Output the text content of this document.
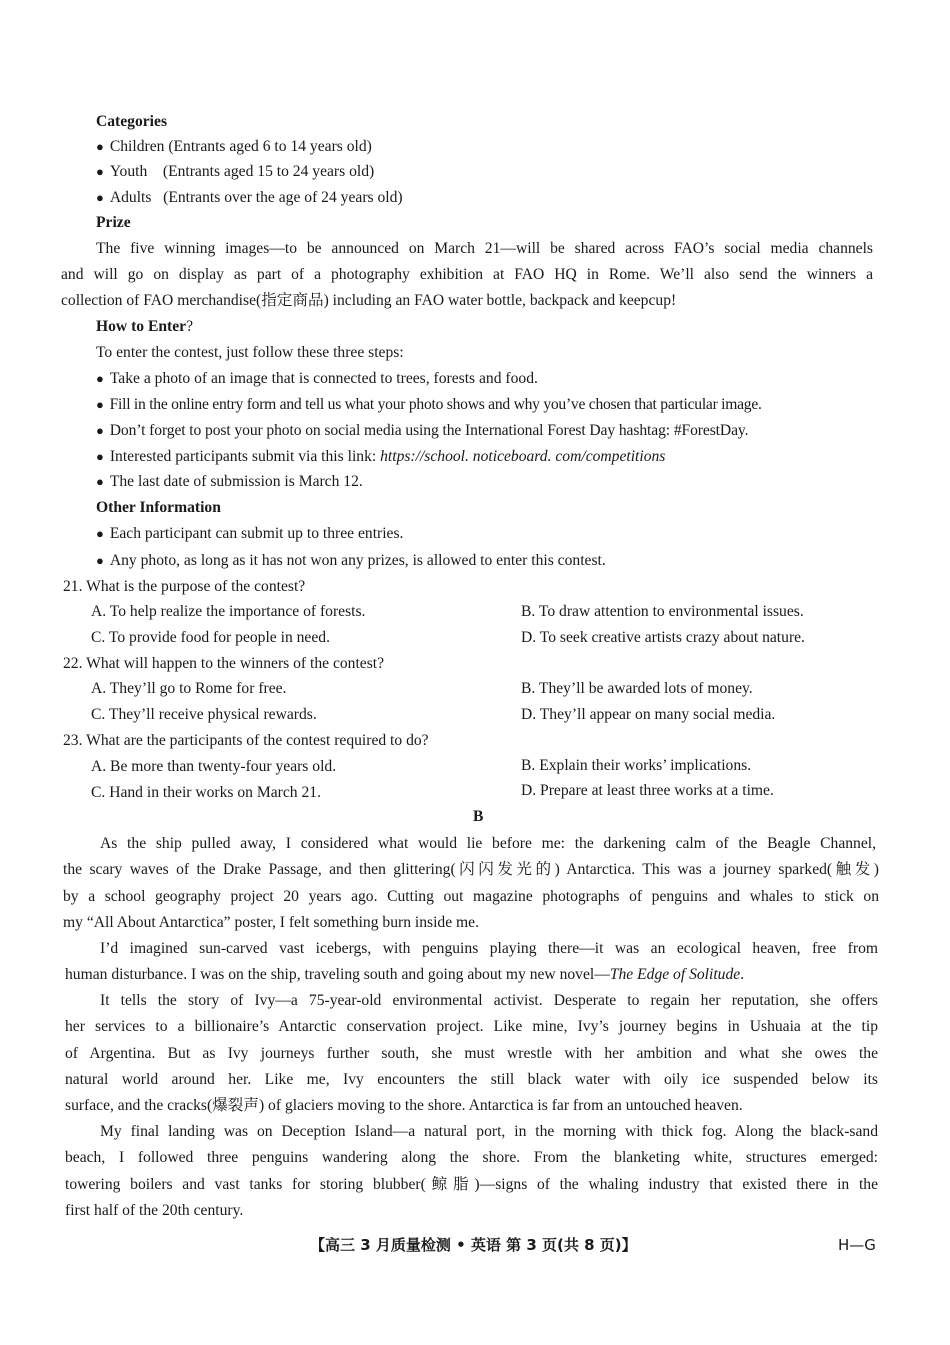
Categories
● Children (Entrants aged 6 to 14 years old)
● Youth    (Entrants aged 15 to 24 years old)
● Adults   (Entrants over the age of 24 years old)
Prize
The five winning images—to be announced on March 21—will be shared across FAO’s social media channels
and will go on display as part of a photography exhibition at FAO HQ in Rome. We’ll also send the winners a
collection of FAO merchandise(指定商品) including an FAO water bottle, backpack and keepcup!
How to Enter?
To enter the contest, just follow these three steps:
● Take a photo of an image that is connected to trees, forests and food.
● Fill in the online entry form and tell us what your photo shows and why you’ve chosen that particular image.
● Don’t forget to post your photo on social media using the International Forest Day hashtag: #ForestDay.
● Interested participants submit via this link: https://school. noticeboard. com/competitions
● The last date of submission is March 12.
Other Information
● Each participant can submit up to three entries.
● Any photo, as long as it has not won any prizes, is allowed to enter this contest.
21. What is the purpose of the contest?
A. To help realize the importance of forests.	B. To draw attention to environmental issues.
C. To provide food for people in need.	D. To seek creative artists crazy about nature.
22. What will happen to the winners of the contest?
A. They’ll go to Rome for free.	B. They’ll be awarded lots of money.
C. They’ll receive physical rewards.	D. They’ll appear on many social media.
23. What are the participants of the contest required to do?
A. Be more than twenty-four years old.	B. Explain their works’ implications.
C. Hand in their works on March 21.	D. Prepare at least three works at a time.
B
As the ship pulled away, I considered what would lie before me: the darkening calm of the Beagle Channel,
the scary waves of the Drake Passage, and then glittering(闪闪发光的) Antarctica. This was a journey sparked(触发)
by a school geography project 20 years ago. Cutting out magazine photographs of penguins and whales to stick on
my “All About Antarctica” poster, I felt something burn inside me.
I’d imagined sun-carved vast icebergs, with penguins playing there—it was an ecological heaven, free from
human disturbance. I was on the ship, traveling south and going about my new novel—The Edge of Solitude.
It tells the story of Ivy—a 75-year-old environmental activist. Desperate to regain her reputation, she offers
her services to a billionaire’s Antarctic conservation project. Like mine, Ivy’s journey begins in Ushuaia at the tip
of Argentina. But as Ivy journeys further south, she must wrestle with her ambition and what she owes the
natural world around her. Like me, Ivy encounters the still black water with oily ice suspended below its
surface, and the cracks(爆裂声) of glaciers moving to the shore. Antarctica is far from an untouched heaven.
My final landing was on Deception Island—a natural port, in the morning with thick fog. Along the black-sand
beach, I followed three penguins wandering along the shore. From the blanketing white, structures emerged:
towering boilers and vast tanks for storing blubber(鲸脂)—signs of the whaling industry that existed there in the
first half of the 20th century.
【高三 3 月质量检测 • 英语 第 3 页(共 8 页)】	H—G
